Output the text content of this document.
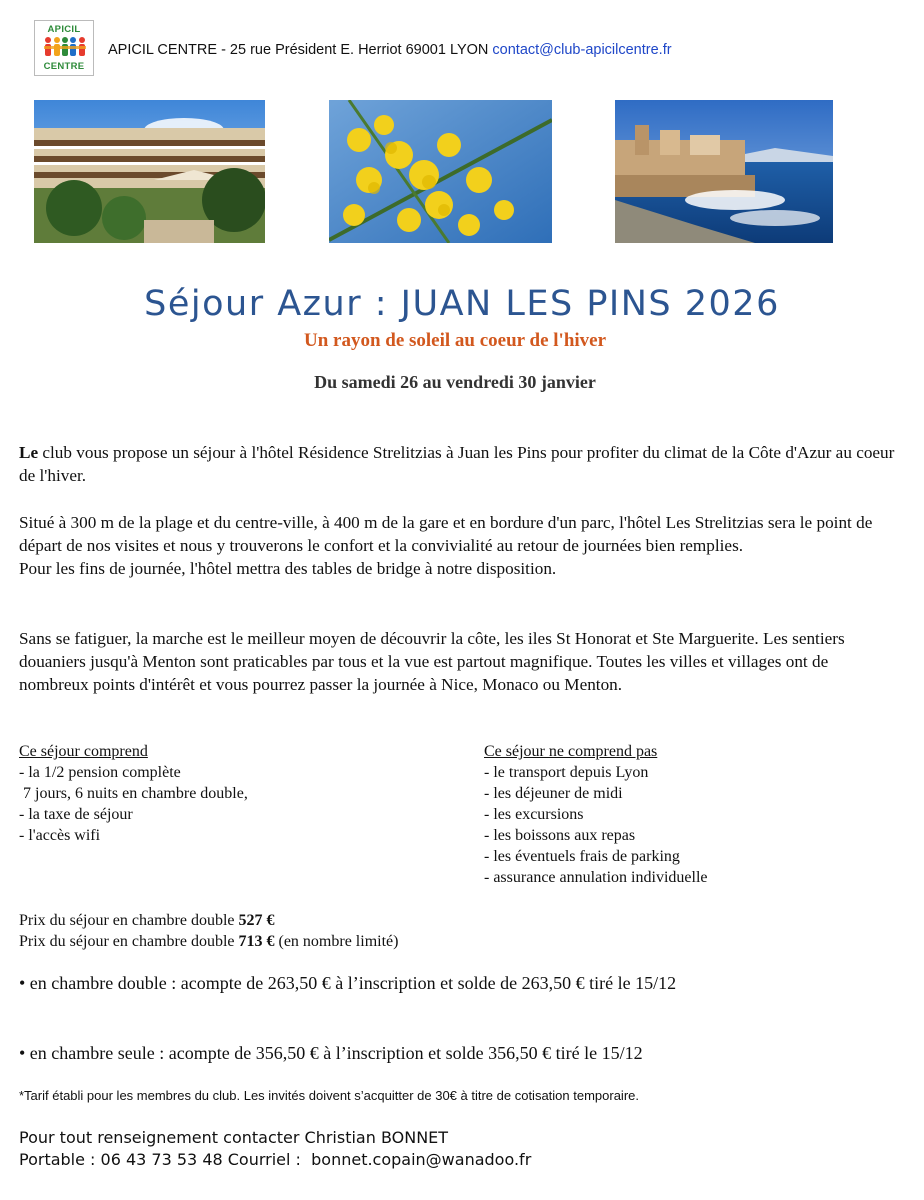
APICIL
CENTRE
APICIL CENTRE - 25 rue Président E. Herriot 69001 LYON contact@club-apicilcentre.fr
Séjour Azur : JUAN LES PINS 2026
Un rayon de soleil au coeur de l'hiver
Du samedi 26 au vendredi 30 janvier
Le club vous propose un séjour à l'hôtel Résidence Strelitzias à Juan les Pins pour profiter du climat de la Côte d'Azur au coeur de l'hiver.
Situé à 300 m de la plage et du centre-ville, à 400 m de la gare et en bordure d'un parc, l'hôtel Les Strelitzias sera le point de départ de nos visites et nous y trouverons le confort et la convivialité au retour de journées bien remplies.
Pour les fins de journée, l'hôtel mettra des tables de bridge à notre disposition.
Sans se fatiguer, la marche est le meilleur moyen de découvrir la côte, les iles St Honorat et Ste Marguerite. Les sentiers douaniers jusqu'à Menton sont praticables par tous et la vue est partout magnifique. Toutes les villes et villages ont de nombreux points d'intérêt et vous pourrez passer la journée à Nice, Monaco ou Menton.
Ce séjour comprend
- la 1/2 pension complète
7 jours, 6 nuits en chambre double,
- la taxe de séjour
- l'accès wifi
Ce séjour ne comprend pas
- le transport depuis Lyon
- les déjeuner de midi
- les excursions
- les boissons aux repas
- les éventuels frais de parking
- assurance annulation individuelle
Prix du séjour en chambre double 527 €
Prix du séjour en chambre double 713 € (en nombre limité)
• en chambre double : acompte de 263,50 € à l’inscription et solde de 263,50 € tiré le 15/12
• en chambre seule : acompte de 356,50 € à l’inscription et solde 356,50 € tiré le 15/12
*Tarif établi pour les membres du club. Les invités doivent s’acquitter de 30€ à titre de cotisation temporaire.
Pour tout renseignement contacter Christian BONNET
Portable : 06 43 73 53 48 Courriel :  bonnet.copain@wanadoo.fr
